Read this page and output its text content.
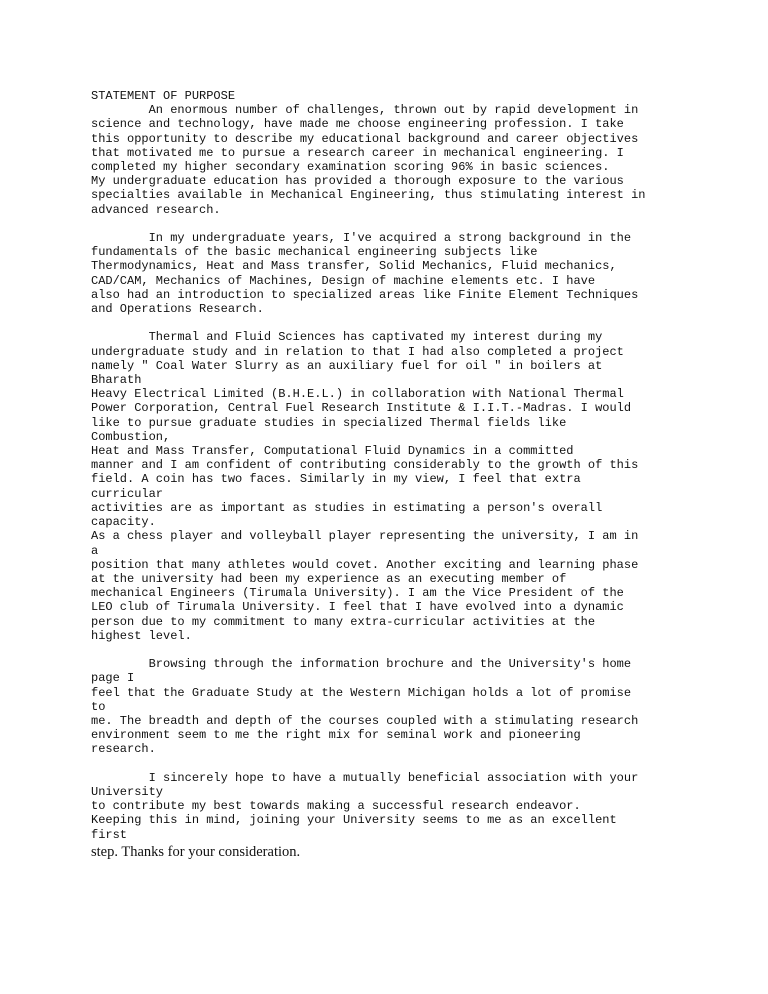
STATEMENT OF PURPOSE
An enormous number of challenges, thrown out by rapid development in
science and technology, have made me choose engineering profession. I take
this opportunity to describe my educational background and career objectives
that motivated me to pursue a research career in mechanical engineering. I
completed my higher secondary examination scoring 96% in basic sciences.
My undergraduate education has provided a thorough exposure to the various
specialties available in Mechanical Engineering, thus stimulating interest in
advanced research.

In my undergraduate years, I've acquired a strong background in the
fundamentals of the basic mechanical engineering subjects like
Thermodynamics, Heat and Mass transfer, Solid Mechanics, Fluid mechanics,
CAD/CAM, Mechanics of Machines, Design of machine elements etc. I have
also had an introduction to specialized areas like Finite Element Techniques
and Operations Research.

Thermal and Fluid Sciences has captivated my interest during my
undergraduate study and in relation to that I had also completed a project
namely " Coal Water Slurry as an auxiliary fuel for oil " in boilers at
Bharath
Heavy Electrical Limited (B.H.E.L.) in collaboration with National Thermal
Power Corporation, Central Fuel Research Institute & I.I.T.-Madras. I would
like to pursue graduate studies in specialized Thermal fields like
Combustion,
Heat and Mass Transfer, Computational Fluid Dynamics in a committed
manner and I am confident of contributing considerably to the growth of this
field. A coin has two faces. Similarly in my view, I feel that extra
curricular
activities are as important as studies in estimating a person's overall
capacity.
As a chess player and volleyball player representing the university, I am in
a
position that many athletes would covet. Another exciting and learning phase
at the university had been my experience as an executing member of
mechanical Engineers (Tirumala University). I am the Vice President of the
LEO club of Tirumala University. I feel that I have evolved into a dynamic
person due to my commitment to many extra-curricular activities at the
highest level.

Browsing through the information brochure and the University's home
page I
feel that the Graduate Study at the Western Michigan holds a lot of promise
to
me. The breadth and depth of the courses coupled with a stimulating research
environment seem to me the right mix for seminal work and pioneering
research.

I sincerely hope to have a mutually beneficial association with your
University
to contribute my best towards making a successful research endeavor.
Keeping this in mind, joining your University seems to me as an excellent
first

step. Thanks for your consideration.
